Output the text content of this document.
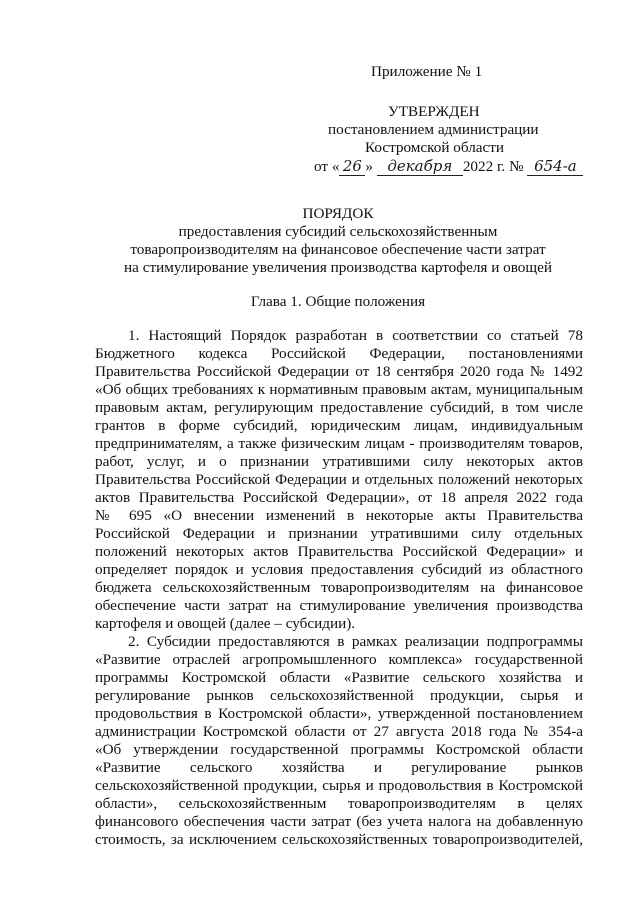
Приложение № 1
УТВЕРЖДЕН
постановлением администрации
Костромской области
от « 26 » декабря 2022 г. № 654-а
ПОРЯДОК
предоставления субсидий сельскохозяйственным
товаропроизводителям на финансовое обеспечение части затрат
на стимулирование увеличения производства картофеля и овощей
Глава 1. Общие положения
1. Настоящий Порядок разработан в соответствии со статьей 78
Бюджетного кодекса Российской Федерации, постановлениями
Правительства Российской Федерации от 18 сентября 2020 года № 1492
«Об общих требованиях к нормативным правовым актам, муниципальным
правовым актам, регулирующим предоставление субсидий, в том числе
грантов в форме субсидий, юридическим лицам, индивидуальным
предпринимателям, а также физическим лицам - производителям товаров,
работ, услуг, и о признании утратившими силу некоторых актов
Правительства Российской Федерации и отдельных положений некоторых
актов Правительства Российской Федерации», от 18 апреля 2022 года
№ 695 «О внесении изменений в некоторые акты Правительства
Российской Федерации и признании утратившими силу отдельных
положений некоторых актов Правительства Российской Федерации» и
определяет порядок и условия предоставления субсидий из областного
бюджета сельскохозяйственным товаропроизводителям на финансовое
обеспечение части затрат на стимулирование увеличения производства
картофеля и овощей (далее – субсидии).
2. Субсидии предоставляются в рамках реализации подпрограммы
«Развитие отраслей агропромышленного комплекса» государственной
программы Костромской области «Развитие сельского хозяйства и
регулирование рынков сельскохозяйственной продукции, сырья и
продовольствия в Костромской области», утвержденной постановлением
администрации Костромской области от 27 августа 2018 года № 354-а
«Об утверждении государственной программы Костромской области
«Развитие сельского хозяйства и регулирование рынков
сельскохозяйственной продукции, сырья и продовольствия в Костромской
области», сельскохозяйственным товаропроизводителям в целях
финансового обеспечения части затрат (без учета налога на добавленную
стоимость, за исключением сельскохозяйственных товаропроизводителей,
